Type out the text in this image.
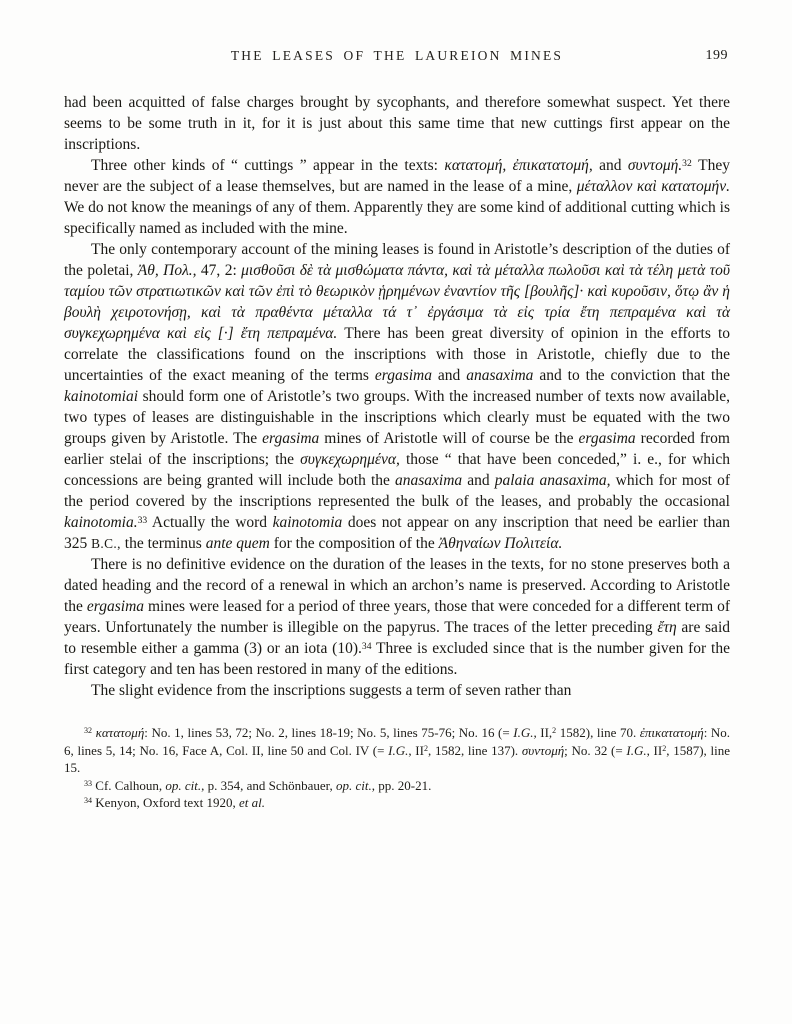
THE LEASES OF THE LAUREION MINES	199

had been acquitted of false charges brought by sycophants, and therefore somewhat suspect. Yet there seems to be some truth in it, for it is just about this same time that new cuttings first appear on the inscriptions.

Three other kinds of “ cuttings ” appear in the texts: κατατομή, ἐπικατατομή, and συντομή.$^{32}$ They never are the subject of a lease themselves, but are named in the lease of a mine, μέταλλον καὶ κατατομήν. We do not know the meanings of any of them. Apparently they are some kind of additional cutting which is specifically named as included with the mine.

The only contemporary account of the mining leases is found in Aristotle’s description of the duties of the poletai, Ἀθ, Πολ., 47, 2: μισθοῦσι δὲ τὰ μισθώματα πάντα, καὶ τὰ μέταλλα πωλοῦσι καὶ τὰ τέλη μετὰ τοῦ ταμίου τῶν στρατιωτικῶν καὶ τῶν ἐπὶ τὸ θεωρικὸν ᾑρημένων ἐναντίον τῆς [βουλῆς]· καὶ κυροῦσιν, ὅτῳ ἂν ἡ βουλὴ χειροτονήσῃ, καὶ τὰ πραθέντα μέταλλα τά τ᾽ ἐργάσιμα τὰ εἰς τρία ἔτη πεπραμένα καὶ τὰ συγκεχωρημένα καὶ εἰς [·] ἔτη πεπραμένα. There has been great diversity of opinion in the efforts to correlate the classifications found on the inscriptions with those in Aristotle, chiefly due to the uncertainties of the exact meaning of the terms ergasima and anasaxima and to the conviction that the kainotomiai should form one of Aristotle’s two groups. With the increased number of texts now available, two types of leases are distinguishable in the inscriptions which clearly must be equated with the two groups given by Aristotle. The ergasima mines of Aristotle will of course be the ergasima recorded from earlier stelai of the inscriptions; the συγκεχωρημένα, those “ that have been conceded,” i. e., for which concessions are being granted will include both the anasaxima and palaia anasaxima, which for most of the period covered by the inscriptions represented the bulk of the leases, and probably the occasional kainotomia.$^{33}$ Actually the word kainotomia does not appear on any inscription that need be earlier than 325 B.C., the terminus ante quem for the composition of the Ἀθηναίων Πολιτεία.

There is no definitive evidence on the duration of the leases in the texts, for no stone preserves both a dated heading and the record of a renewal in which an archon’s name is preserved. According to Aristotle the ergasima mines were leased for a period of three years, those that were conceded for a different term of years. Unfortunately the number is illegible on the papyrus. The traces of the letter preceding ἔτη are said to resemble either a gamma (3) or an iota (10).$^{34}$ Three is excluded since that is the number given for the first category and ten has been restored in many of the editions.

The slight evidence from the inscriptions suggests a term of seven rather than

$^{32}$ κατατομή: No. 1, lines 53, 72; No. 2, lines 18-19; No. 5, lines 75-76; No. 16 (= I.G., II,$^2$ 1582), line 70. ἐπικατατομή: No. 6, lines 5, 14; No. 16, Face A, Col. II, line 50 and Col. IV (= I.G., $II^2$, 1582, line 137). συντομή; No. 32 (= I.G., $II^2$, 1587), line 15.

$^{33}$ Cf. Calhoun, op. cit., p. 354, and Schönbauer, op. cit., pp. 20-21.

$^{34}$ Kenyon, Oxford text 1920, et al.
